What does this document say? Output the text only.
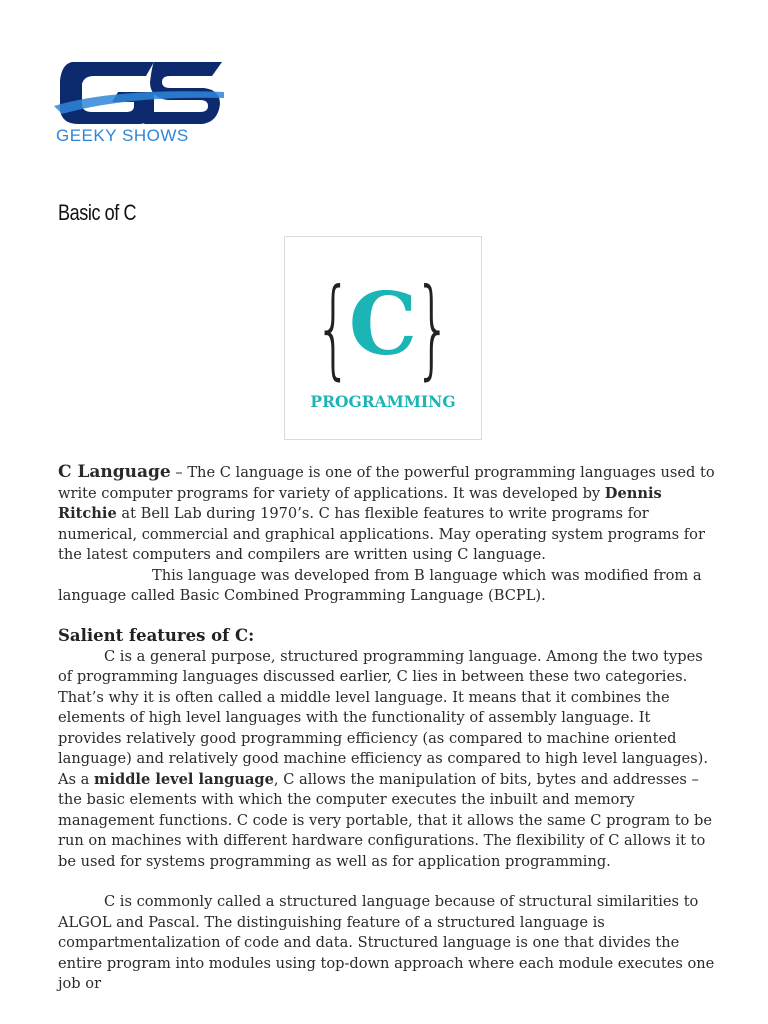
GEEKY SHOWS
Basic of C
{
C
}
PROGRAMMING

C Language – The C language is one of the powerful programming languages used to write computer programs for variety of applications. It was developed by Dennis Ritchie at Bell Lab during 1970’s. C has flexible features to write programs for numerical, commercial and graphical applications. May operating system programs for the latest computers and compilers are written using C language.

This language was developed from B language which was modified from a language called Basic Combined Programming Language (BCPL).

Salient features of C:

C is a general purpose, structured programming language. Among the two types of programming languages discussed earlier, C lies in between these two categories. That’s why it is often called a middle level language. It means that it combines the elements of high level languages with the functionality of assembly language. It provides relatively good programming efficiency (as compared to machine oriented language) and relatively good machine efficiency as compared to high level languages). As a middle level language, C allows the manipulation of bits, bytes and addresses – the basic elements with which the computer executes the inbuilt and memory management functions. C code is very portable, that it allows the same C program to be run on machines with different hardware configurations. The flexibility of C allows it to be used for systems programming as well as for application programming.

C is commonly called a structured language because of structural similarities to ALGOL and Pascal. The distinguishing feature of a structured language is compartmentalization of code and data. Structured language is one that divides the entire program into modules using top-down approach where each module executes one job or
